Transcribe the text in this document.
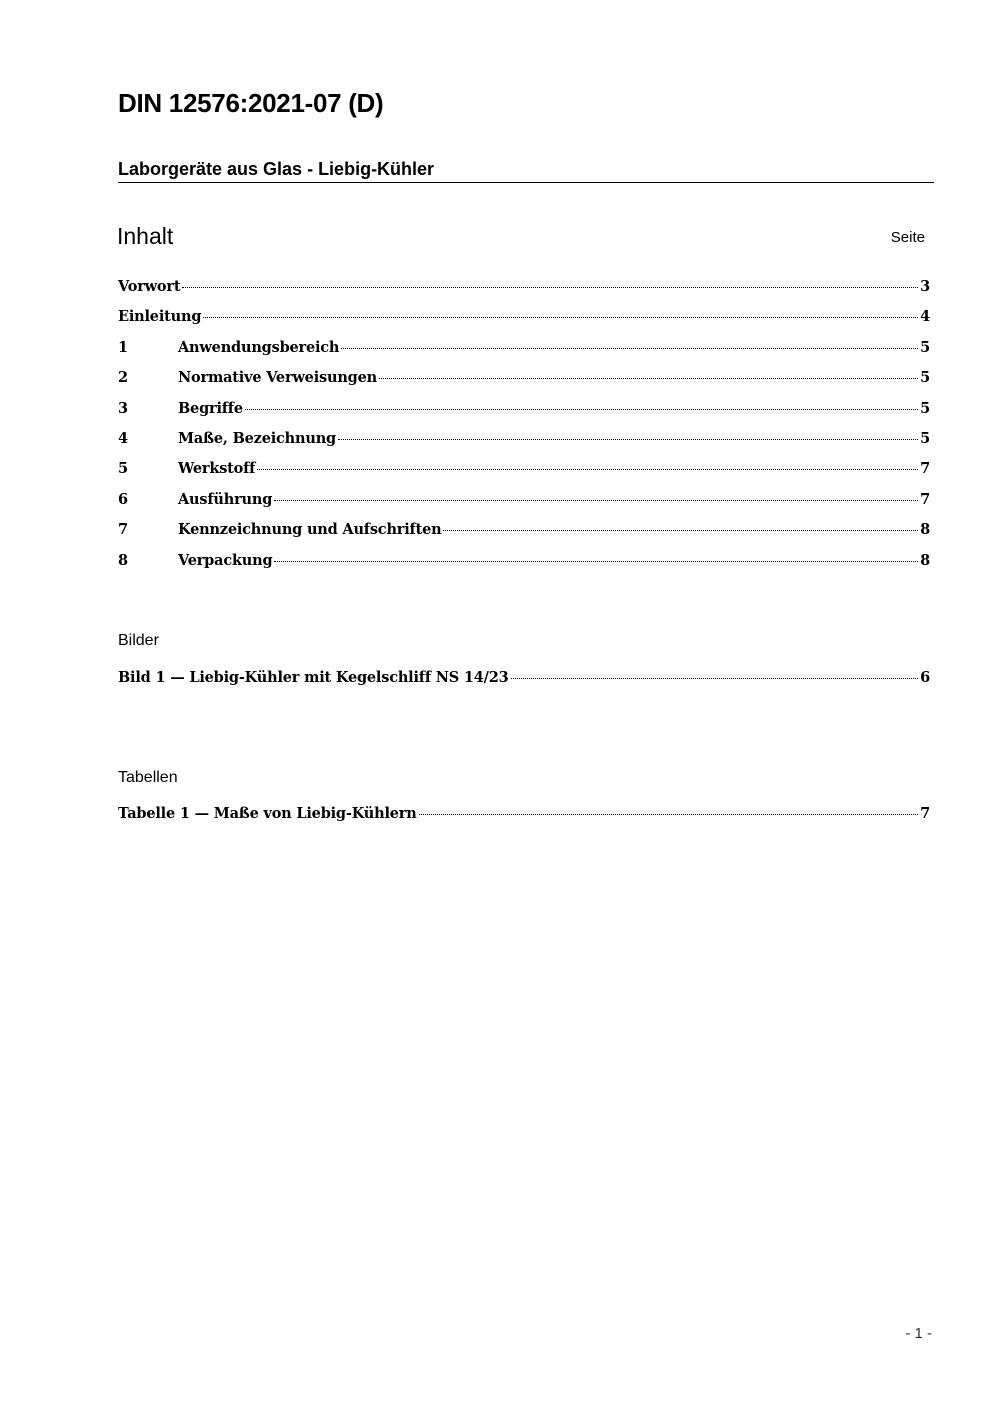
DIN 12576:2021-07 (D)
Laborgeräte aus Glas - Liebig-Kühler
Inhalt	Seite
Vorwort	3
Einleitung	4
1	Anwendungsbereich	5
2	Normative Verweisungen	5
3	Begriffe	5
4	Maße, Bezeichnung	5
5	Werkstoff	7
6	Ausführung	7
7	Kennzeichnung und Aufschriften	8
8	Verpackung	8
Bilder
Bild 1 — Liebig-Kühler mit Kegelschliff NS 14/23	6
Tabellen
Tabelle 1 — Maße von Liebig-Kühlern	7
- 1 -
